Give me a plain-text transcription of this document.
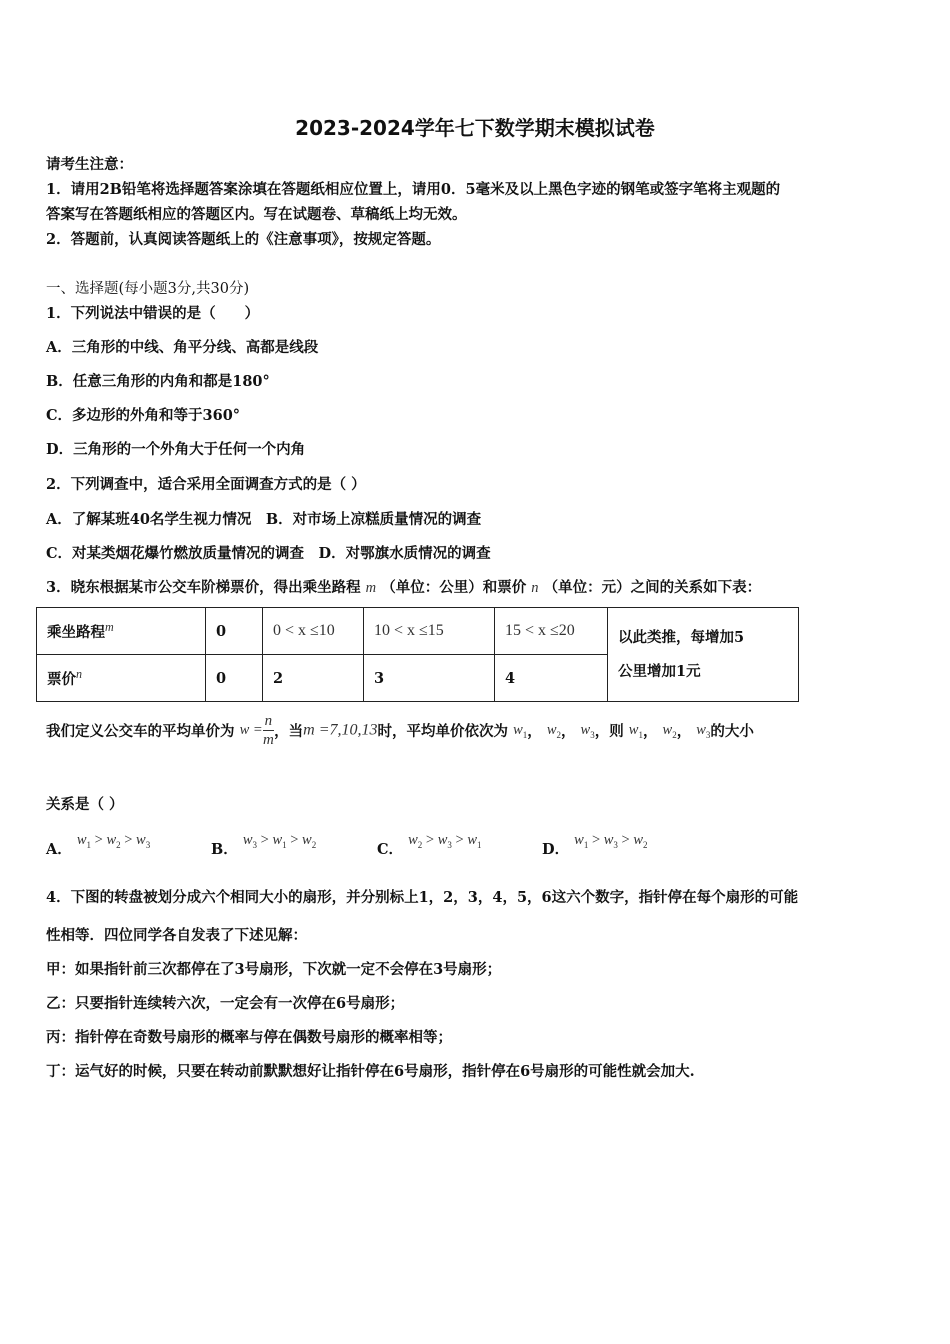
2023-2024学年七下数学期末模拟试卷
请考生注意：
1．请用2B铅笔将选择题答案涂填在答题纸相应位置上，请用0．5毫米及以上黑色字迹的钢笔或签字笔将主观题的
答案写在答题纸相应的答题区内。写在试题卷、草稿纸上均无效。
2．答题前，认真阅读答题纸上的《注意事项》，按规定答题。
一、选择题(每小题3分,共30分)
1．下列说法中错误的是（　　）
A．三角形的中线、角平分线、高都是线段
B．任意三角形的内角和都是180°
C．多边形的外角和等于360°
D．三角形的一个外角大于任何一个内角
2．下列调查中，适合采用全面调查方式的是（ ）
A．了解某班40名学生视力情况　B．对市场上凉糕质量情况的调查
C．对某类烟花爆竹燃放质量情况的调查　D．对鄂旗水质情况的调查
3．晓东根据某市公交车阶梯票价，得出乘坐路程 m （单位：公里）和票价 n （单位：元）之间的关系如下表：
乘坐路程$^m$	0	0 < x ≤10	10 < x ≤15	15 < x ≤20	以此类推，每增加5
公里增加1元

票价$^n$	0	2	3	4	
我们定义公交车的平均单价为 $w = \frac{n}{m}$ ，当m =7,10,13时，平均单价依次为 $w_1$， $w_2$， $w_3$，则 $w_1$， $w_2$， $w_3$的大小
关系是（ ）
A． $w_1 > w_2 > w_3$	B． $w_3 > w_1 > w_2$	C． $w_2 > w_3 > w_1$	D． $w_1 > w_3 > w_2$
4．下图的转盘被划分成六个相同大小的扇形，并分别标上1，2，3，4，5，6这六个数字，指针停在每个扇形的可能
性相等．四位同学各自发表了下述见解：
甲：如果指针前三次都停在了3号扇形，下次就一定不会停在3号扇形；
乙：只要指针连续转六次，一定会有一次停在6号扇形；
丙：指针停在奇数号扇形的概率与停在偶数号扇形的概率相等；
丁：运气好的时候，只要在转动前默默想好让指针停在6号扇形，指针停在6号扇形的可能性就会加大.
